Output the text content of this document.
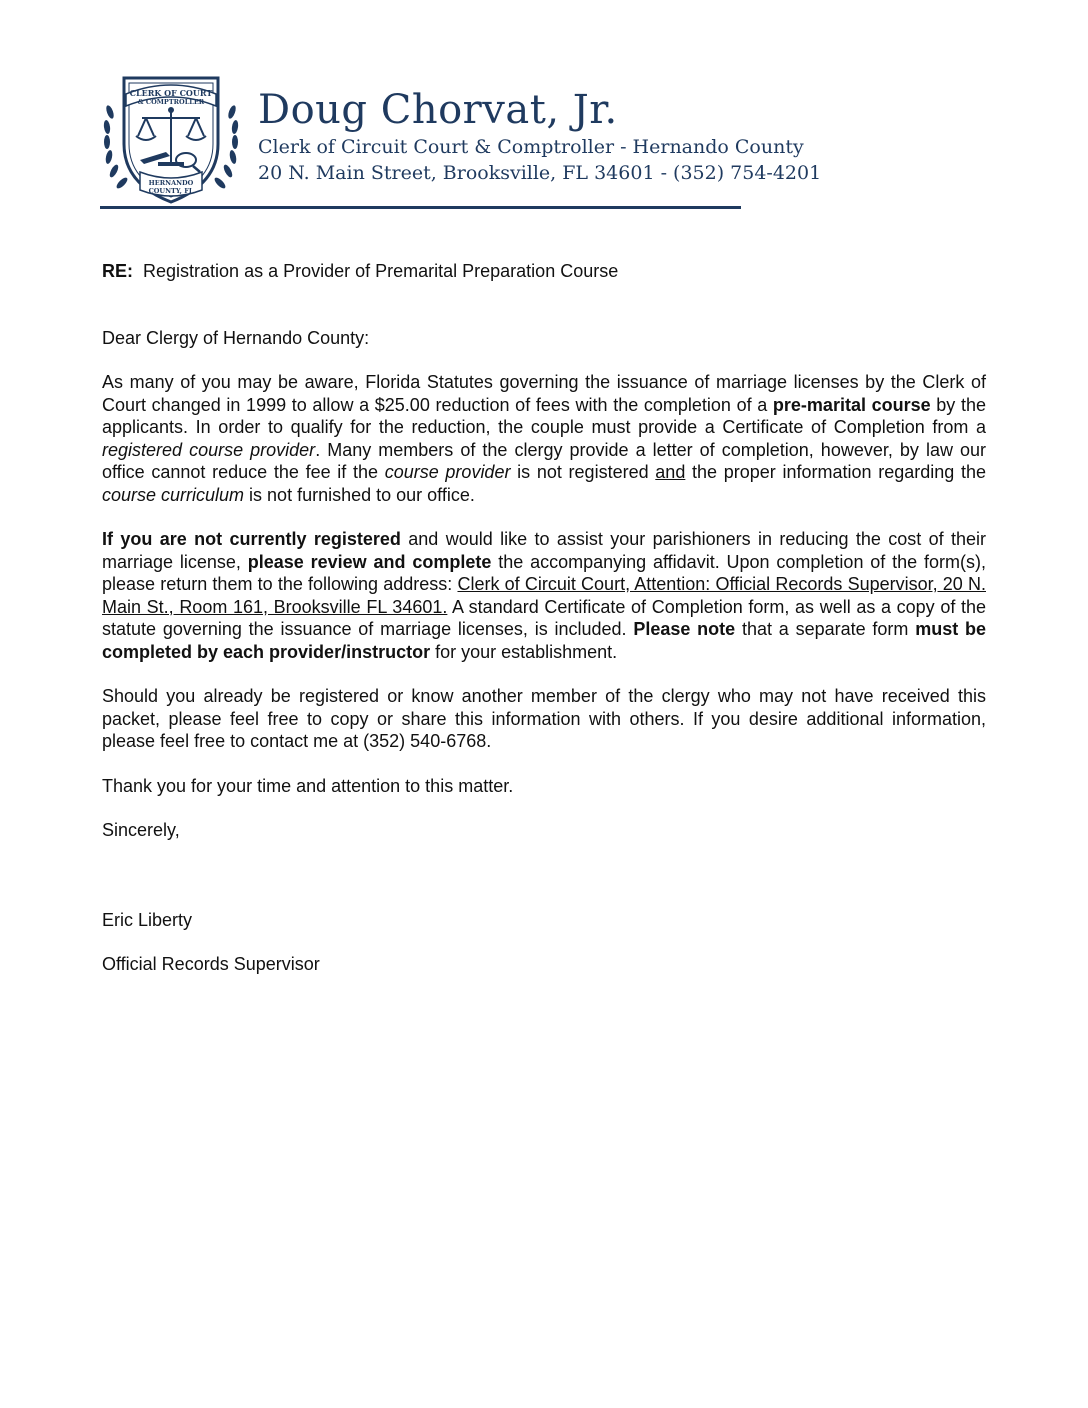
CLERK OF COURT
& COMPTROLLER
HERNANDO
COUNTY, FL
Doug Chorvat, Jr.
Clerk of Circuit Court & Comptroller - Hernando County
20 N. Main Street, Brooksville, FL 34601 - (352) 754-4201

RE: Registration as a Provider of Premarital Preparation Course

Dear Clergy of Hernando County:

As many of you may be aware, Florida Statutes governing the issuance of marriage licenses by the Clerk of Court changed in 1999 to allow a $25.00 reduction of fees with the completion of a pre-marital course by the applicants. In order to qualify for the reduction, the couple must provide a Certificate of Completion from a registered course provider. Many members of the clergy provide a letter of completion, however, by law our office cannot reduce the fee if the course provider is not registered and the proper information regarding the course curriculum is not furnished to our office.

If you are not currently registered and would like to assist your parishioners in reducing the cost of their marriage license, please review and complete the accompanying affidavit. Upon completion of the form(s), please return them to the following address: Clerk of Circuit Court, Attention: Official Records Supervisor, 20 N. Main St., Room 161, Brooksville FL 34601. A standard Certificate of Completion form, as well as a copy of the statute governing the issuance of marriage licenses, is included. Please note that a separate form must be completed by each provider/instructor for your establishment.

Should you already be registered or know another member of the clergy who may not have received this packet, please feel free to copy or share this information with others. If you desire additional information, please feel free to contact me at (352) 540-6768.

Thank you for your time and attention to this matter.

Sincerely,

Eric Liberty

Official Records Supervisor
